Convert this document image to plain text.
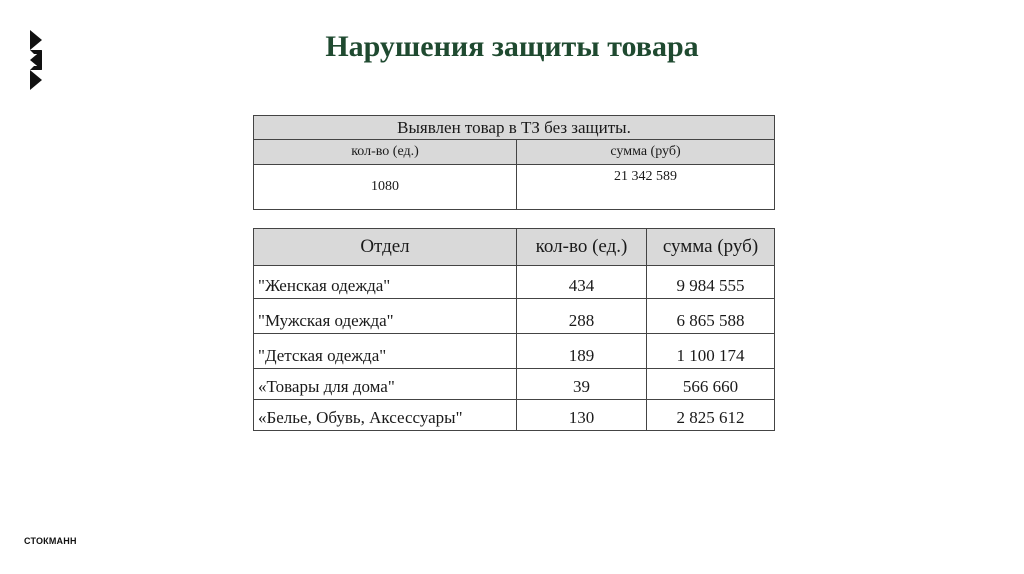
Нарушения защиты товара
Выявлен товар в ТЗ без защиты.	
кол-во (ед.)	сумма (руб)
1080	21 342 589
Отдел	кол-во (ед.)	сумма (руб)
"Женская одежда"	434	9 984 555
"Мужская одежда"	288	6 865 588
"Детская одежда"	189	1 100 174
«Товары для дома"	39	566 660
«Белье, Обувь, Аксессуары"	130	2 825 612
СТОКМАНН
